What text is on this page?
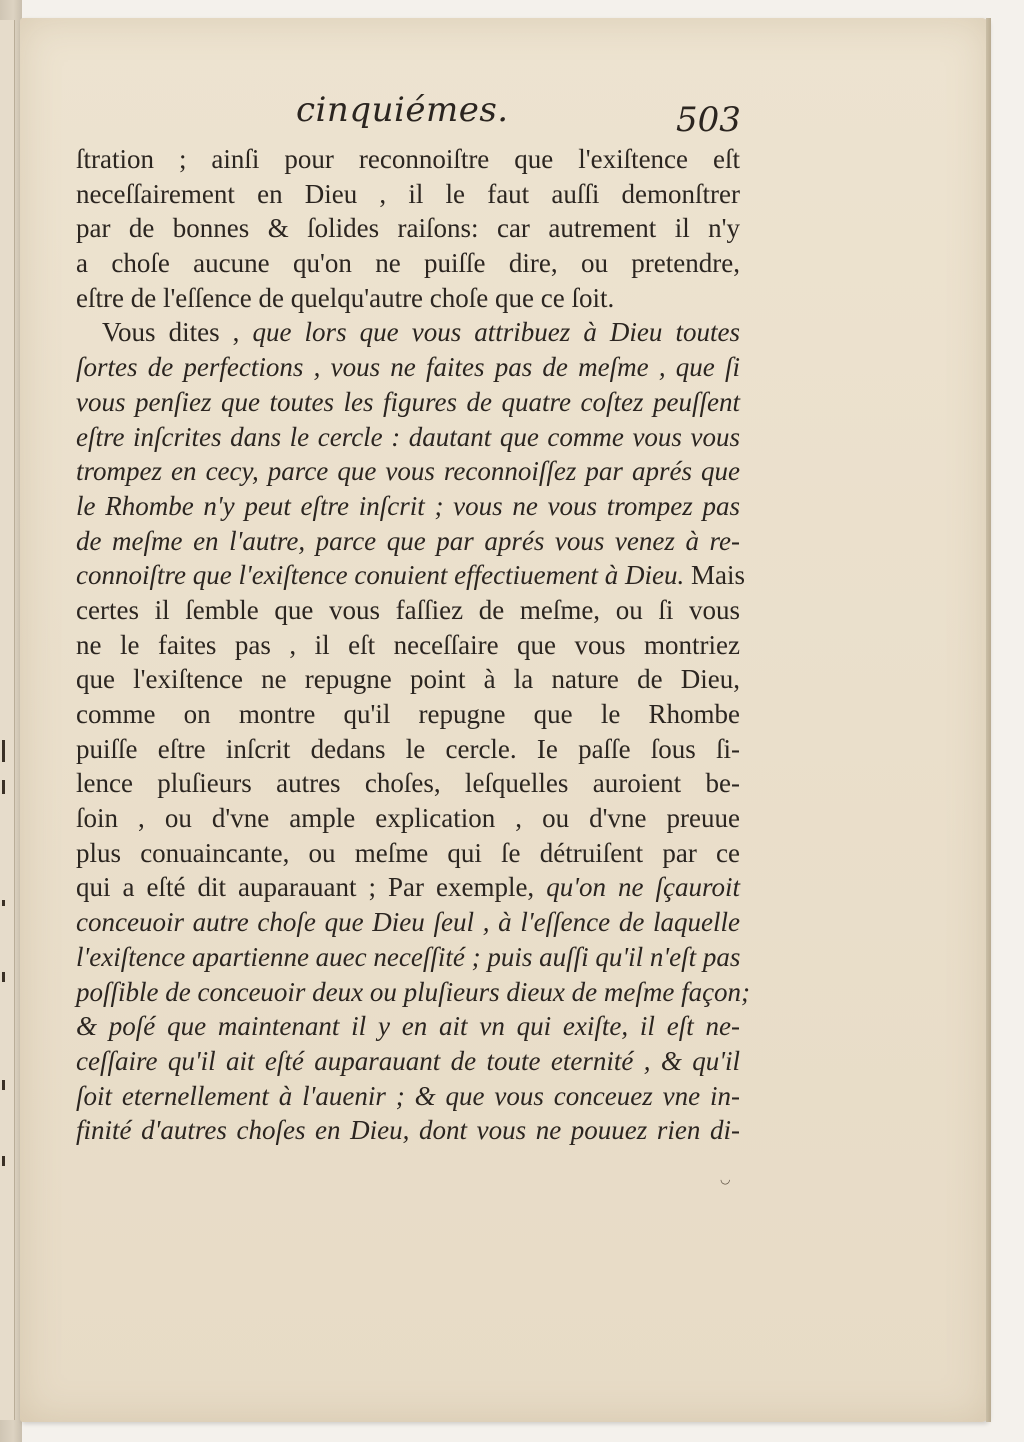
cinquiémes.	503
ſtration ; ainſi pour reconnoiſtre que l'exiſtence eſt
neceſſairement en Dieu , il le faut auſſi demonſtrer
par de bonnes & ſolides raiſons: car autrement il n'y
a choſe aucune qu'on ne puiſſe dire, ou pretendre,
eſtre de l'eſſence de quelqu'autre choſe que ce ſoit.
Vous dites , que lors que vous attribuez à Dieu toutes
ſortes de perfections , vous ne faites pas de meſme , que ſi
vous penſiez que toutes les figures de quatre coſtez peuſſent
eſtre inſcrites dans le cercle : dautant que comme vous vous
trompez en cecy, parce que vous reconnoiſſez par aprés que
le Rhombe n'y peut eſtre inſcrit ; vous ne vous trompez pas
de meſme en l'autre, parce que par aprés vous venez à re-
connoiſtre que l'exiſtence conuient effectiuement à Dieu. Mais
certes il ſemble que vous faſſiez de meſme, ou ſi vous
ne le faites pas , il eſt neceſſaire que vous montriez
que l'exiſtence ne repugne point à la nature de Dieu,
comme on montre qu'il repugne que le Rhombe
puiſſe eſtre inſcrit dedans le cercle. Ie paſſe ſous ſi-
lence pluſieurs autres choſes, leſquelles auroient be-
ſoin , ou d'vne ample explication , ou d'vne preuue
plus conuaincante, ou meſme qui ſe détruiſent par ce
qui a eſté dit auparauant ; Par exemple, qu'on ne ſçauroit
conceuoir autre choſe que Dieu ſeul , à l'eſſence de laquelle
l'exiſtence apartienne auec neceſſité ; puis auſſi qu'il n'eſt pas
poſſible de conceuoir deux ou pluſieurs dieux de meſme façon;
& poſé que maintenant il y en ait vn qui exiſte, il eſt ne-
ceſſaire qu'il ait eſté auparauant de toute eternité , & qu'il
ſoit eternellement à l'auenir ; & que vous conceuez vne in-
finité d'autres choſes en Dieu, dont vous ne pouuez rien di-
◡
